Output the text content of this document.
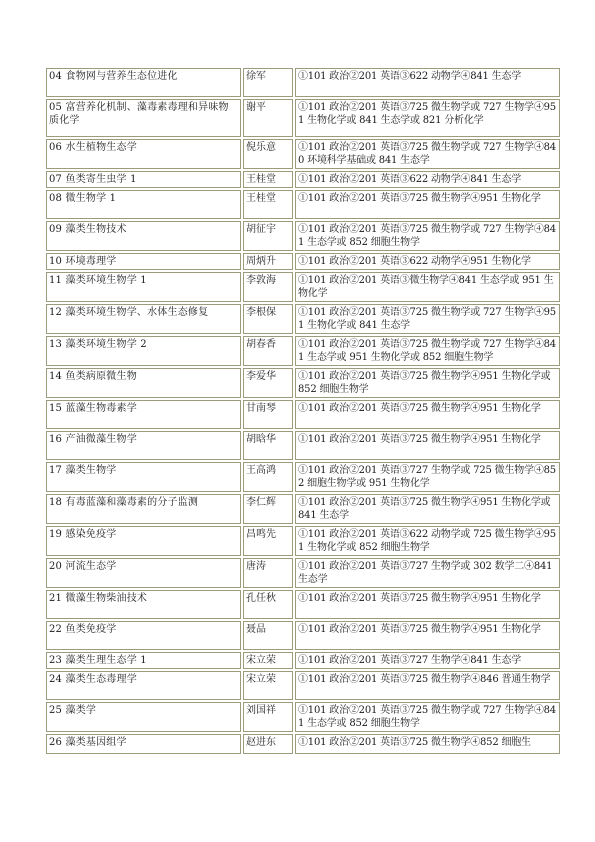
04 食物网与营养生态位进化	徐军	①101 政治②201 英语③622 动物学④841 生态学
05 富营养化机制、藻毒素毒理和异味物质化学	谢平	①101 政治②201 英语③725 微生物学或 727 生物学④951 生物化学或 841 生态学或 821 分析化学
06 水生植物生态学	倪乐意	①101 政治②201 英语③725 微生物学或 727 生物学④840 环境科学基础或 841 生态学
07 鱼类寄生虫学 1	王桂堂	①101 政治②201 英语③622 动物学④841 生态学
08 微生物学 1	王桂堂	①101 政治②201 英语③725 微生物学④951 生物化学
09 藻类生物技术	胡征宇	①101 政治②201 英语③725 微生物学或 727 生物学④841 生态学或 852 细胞生物学
10 环境毒理学	周炳升	①101 政治②201 英语③622 动物学④951 生物化学
11 藻类环境生物学 1	李敦海	①101 政治②201 英语③微生物学④841 生态学或 951 生物化学
12 藻类环境生物学、水体生态修复	李根保	①101 政治②201 英语③725 微生物学或 727 生物学④951 生物化学或 841 生态学
13 藻类环境生物学 2	胡春香	①101 政治②201 英语③725 微生物学或 727 生物学④841 生态学或 951 生物化学或 852 细胞生物学
14 鱼类病原微生物	李爱华	①101 政治②201 英语③725 微生物学④951 生物化学或 852 细胞生物学
15 蓝藻生物毒素学	甘南琴	①101 政治②201 英语③725 微生物学④951 生物化学
16 产油微藻生物学	胡晗华	①101 政治②201 英语③725 微生物学④951 生物化学
17 藻类生物学	王高鸿	①101 政治②201 英语③727 生物学或 725 微生物学④852 细胞生物学或 951 生物化学
18 有毒蓝藻和藻毒素的分子监测	李仁辉	①101 政治②201 英语③725 微生物学④951 生物化学或 841 生态学
19 感染免疫学	昌鸣先	①101 政治②201 英语③622 动物学或 725 微生物学④951 生物化学或 852 细胞生物学
20 河流生态学	唐涛	①101 政治②201 英语③727 生物学或 302 数学二④841 生态学
21 微藻生物柴油技术	孔任秋	①101 政治②201 英语③725 微生物学④951 生物化学
22 鱼类免疫学	聂品	①101 政治②201 英语③725 微生物学④951 生物化学
23 藻类生理生态学 1	宋立荣	①101 政治②201 英语③727 生物学④841 生态学
24 藻类生态毒理学	宋立荣	①101 政治②201 英语③725 微生物学④846 普通生物学
25 藻类学	刘国祥	①101 政治②201 英语③725 微生物学或 727 生物学④841 生态学或 852 细胞生物学
26 藻类基因组学	赵进东	①101 政治②201 英语③725 微生物学④852 细胞生
